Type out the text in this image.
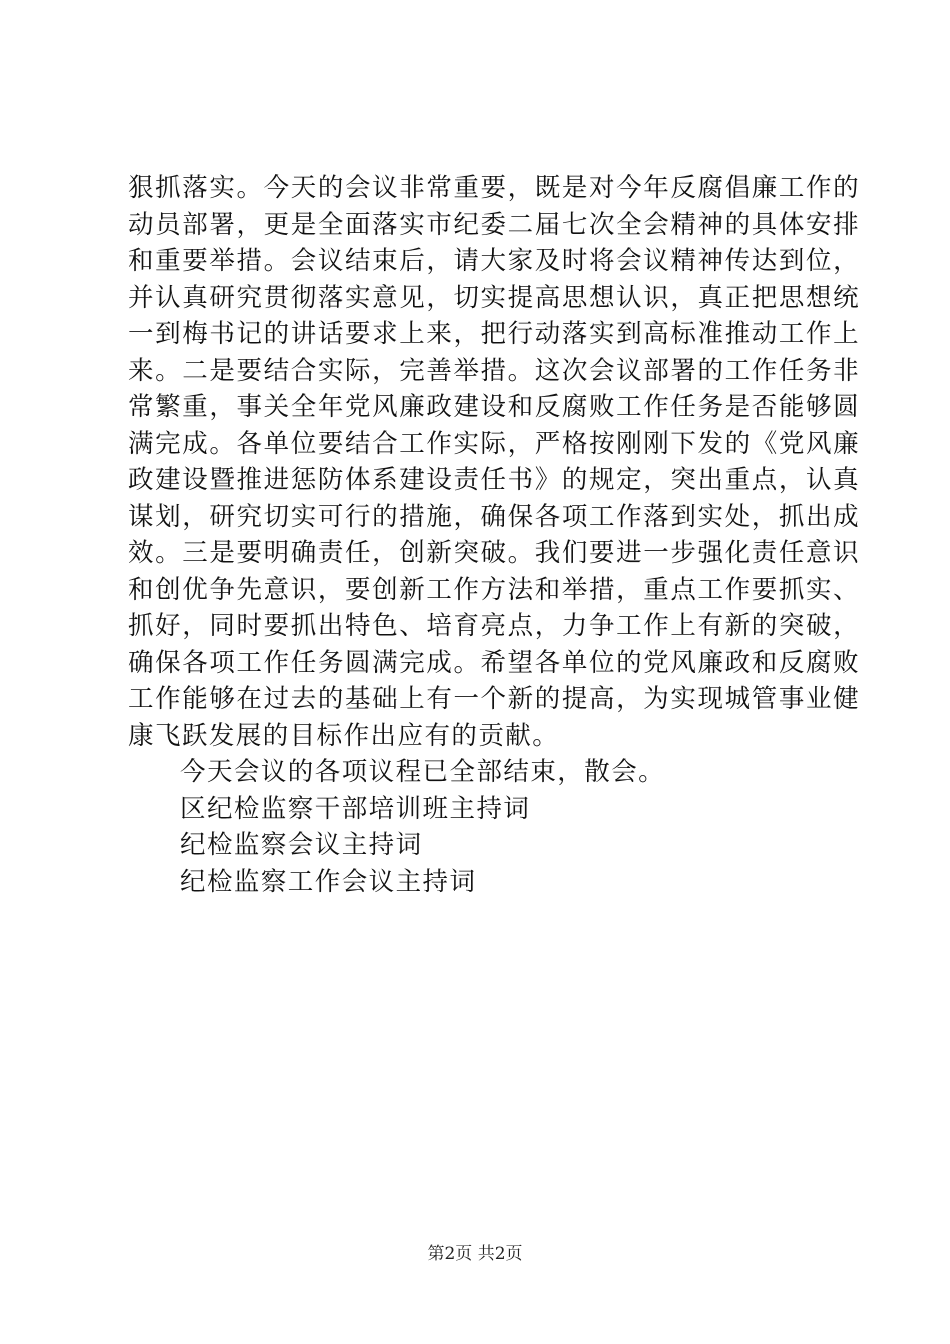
狠抓落实。今天的会议非常重要，既是对今年反腐倡廉工作的
动员部署，更是全面落实市纪委二届七次全会精神的具体安排
和重要举措。会议结束后，请大家及时将会议精神传达到位，
并认真研究贯彻落实意见，切实提高思想认识，真正把思想统
一到梅书记的讲话要求上来，把行动落实到高标准推动工作上
来。二是要结合实际，完善举措。这次会议部署的工作任务非
常繁重，事关全年党风廉政建设和反腐败工作任务是否能够圆
满完成。各单位要结合工作实际，严格按刚刚下发的《党风廉
政建设暨推进惩防体系建设责任书》的规定，突出重点，认真
谋划，研究切实可行的措施，确保各项工作落到实处，抓出成
效。三是要明确责任，创新突破。我们要进一步强化责任意识
和创优争先意识，要创新工作方法和举措，重点工作要抓实、
抓好，同时要抓出特色、培育亮点，力争工作上有新的突破，
确保各项工作任务圆满完成。希望各单位的党风廉政和反腐败
工作能够在过去的基础上有一个新的提高，为实现城管事业健
康飞跃发展的目标作出应有的贡献。
今天会议的各项议程已全部结束，散会。
区纪检监察干部培训班主持词
纪检监察会议主持词
纪检监察工作会议主持词
第2页 共2页
